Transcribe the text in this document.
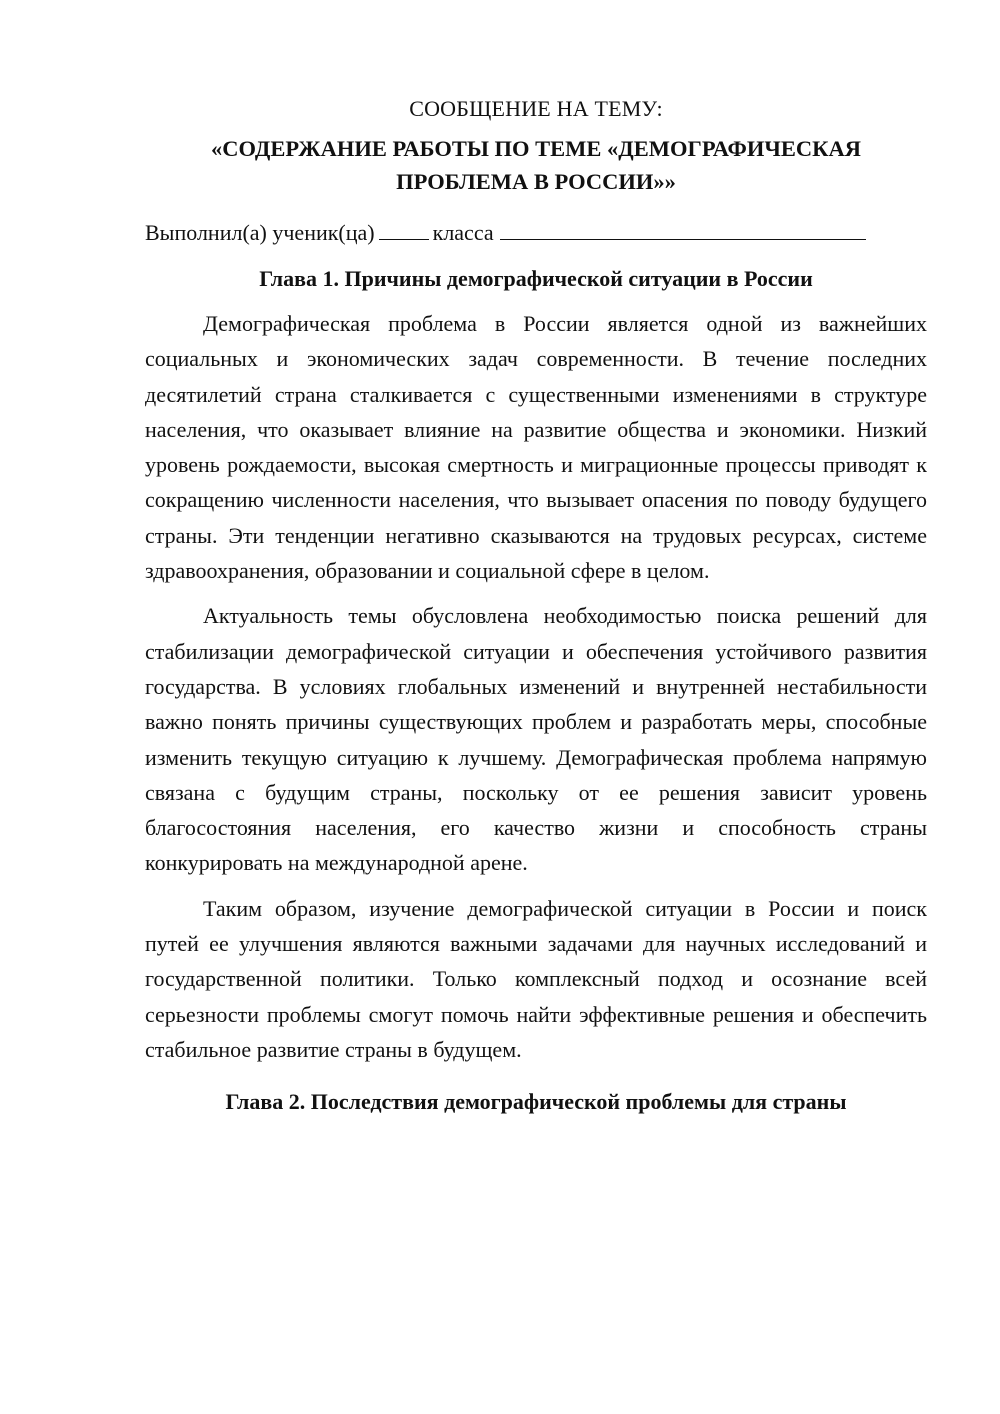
СООБЩЕНИЕ НА ТЕМУ:
«СОДЕРЖАНИЕ РАБОТЫ ПО ТЕМЕ «ДЕМОГРАФИЧЕСКАЯ ПРОБЛЕМА В РОССИИ»»
Выполнил(а) ученик(ца)	класса
Глава 1. Причины демографической ситуации в России

Демографическая проблема в России является одной из важнейших социальных и экономических задач современности. В течение последних десятилетий страна сталкивается с существенными изменениями в структуре населения, что оказывает влияние на развитие общества и экономики. Низкий уровень рождаемости, высокая смертность и миграционные процессы приводят к сокращению численности населения, что вызывает опасения по поводу будущего страны. Эти тенденции негативно сказываются на трудовых ресурсах, системе здравоохранения, образовании и социальной сфере в целом.

Актуальность темы обусловлена необходимостью поиска решений для стабилизации демографической ситуации и обеспечения устойчивого развития государства. В условиях глобальных изменений и внутренней нестабильности важно понять причины существующих проблем и разработать меры, способные изменить текущую ситуацию к лучшему. Демографическая проблема напрямую связана с будущим страны, поскольку от ее решения зависит уровень благосостояния населения, его качество жизни и способность страны конкурировать на международной арене.

Таким образом, изучение демографической ситуации в России и поиск путей ее улучшения являются важными задачами для научных исследований и государственной политики. Только комплексный подход и осознание всей серьезности проблемы смогут помочь найти эффективные решения и обеспечить стабильное развитие страны в будущем.

Глава 2. Последствия демографической проблемы для страны
